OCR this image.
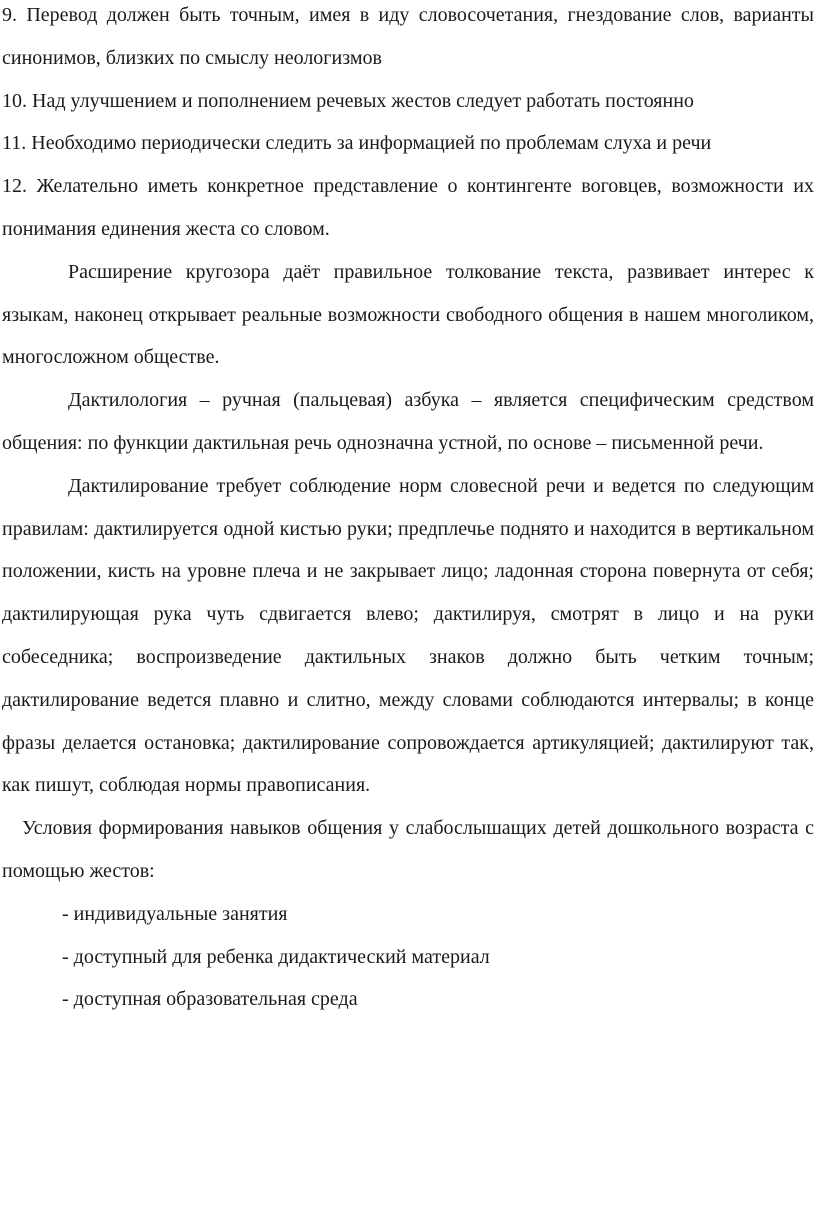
9. Перевод должен быть точным, имея в иду словосочетания, гнездование слов, варианты синонимов, близких по смыслу неологизмов

10. Над улучшением и пополнением речевых жестов следует работать постоянно

11. Необходимо периодически следить за информацией по проблемам слуха и речи

12. Желательно иметь конкретное представление о контингенте воговцев, возможности их понимания единения жеста со словом.

Расширение кругозора даёт правильное толкование текста, развивает интерес к языкам, наконец открывает реальные возможности свободного общения в нашем многоликом, многосложном обществе.

Дактилология – ручная (пальцевая) азбука – является специфическим средством общения: по функции дактильная речь однозначна устной, по основе – письменной речи.

Дактилирование требует соблюдение норм словесной речи и ведется по следующим правилам: дактилируется одной кистью руки; предплечье поднято и находится в вертикальном положении, кисть на уровне плеча и не закрывает лицо; ладонная сторона повернута от себя; дактилирующая рука чуть сдвигается влево; дактилируя, смотрят в лицо и на руки собеседника; воспроизведение дактильных знаков должно быть четким точным; дактилирование ведется плавно и слитно, между словами соблюдаются интервалы; в конце фразы делается остановка; дактилирование сопровождается артикуляцией; дактилируют так, как пишут, соблюдая нормы правописания.

Условия формирования навыков общения у слабослышащих детей дошкольного возраста с помощью жестов:

- индивидуальные занятия

- доступный для ребенка дидактический материал

- доступная образовательная среда
